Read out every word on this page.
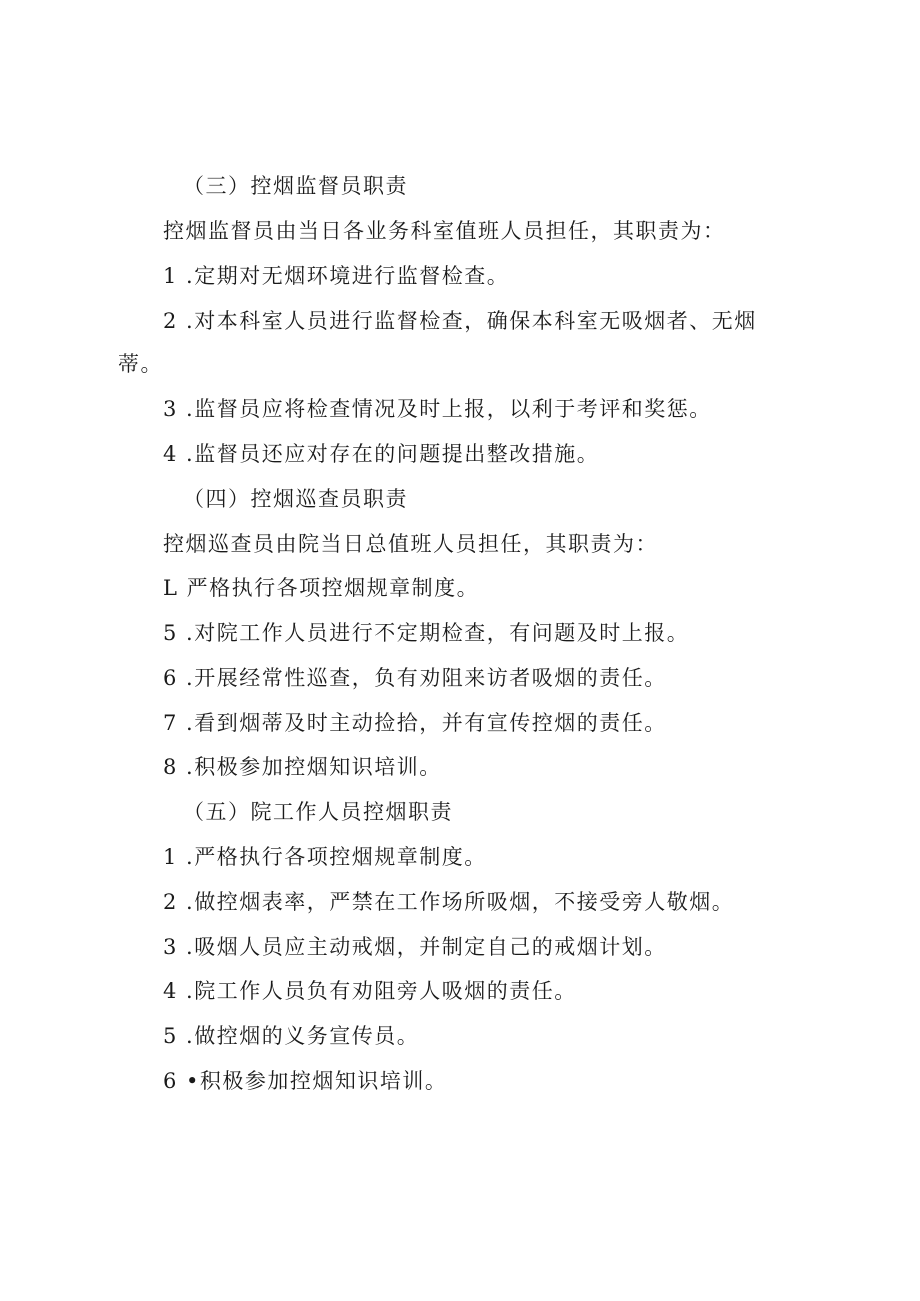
（三）控烟监督员职责

控烟监督员由当日各业务科室值班人员担任，其职责为：

1 .定期对无烟环境进行监督检查。

2 .对本科室人员进行监督检查，确保本科室无吸烟者、无烟

蒂。

3 .监督员应将检查情况及时上报，以利于考评和奖惩。

4 .监督员还应对存在的问题提出整改措施。

（四）控烟巡查员职责

控烟巡查员由院当日总值班人员担任，其职责为：

L 严格执行各项控烟规章制度。

5 .对院工作人员进行不定期检查，有问题及时上报。

6 .开展经常性巡查，负有劝阻来访者吸烟的责任。

7 .看到烟蒂及时主动捡拾，并有宣传控烟的责任。

8 .积极参加控烟知识培训。

（五）院工作人员控烟职责

1 .严格执行各项控烟规章制度。

2 .做控烟表率，严禁在工作场所吸烟，不接受旁人敬烟。

3 .吸烟人员应主动戒烟，并制定自己的戒烟计划。

4 .院工作人员负有劝阻旁人吸烟的责任。

5 .做控烟的义务宣传员。

6 •积极参加控烟知识培训。
